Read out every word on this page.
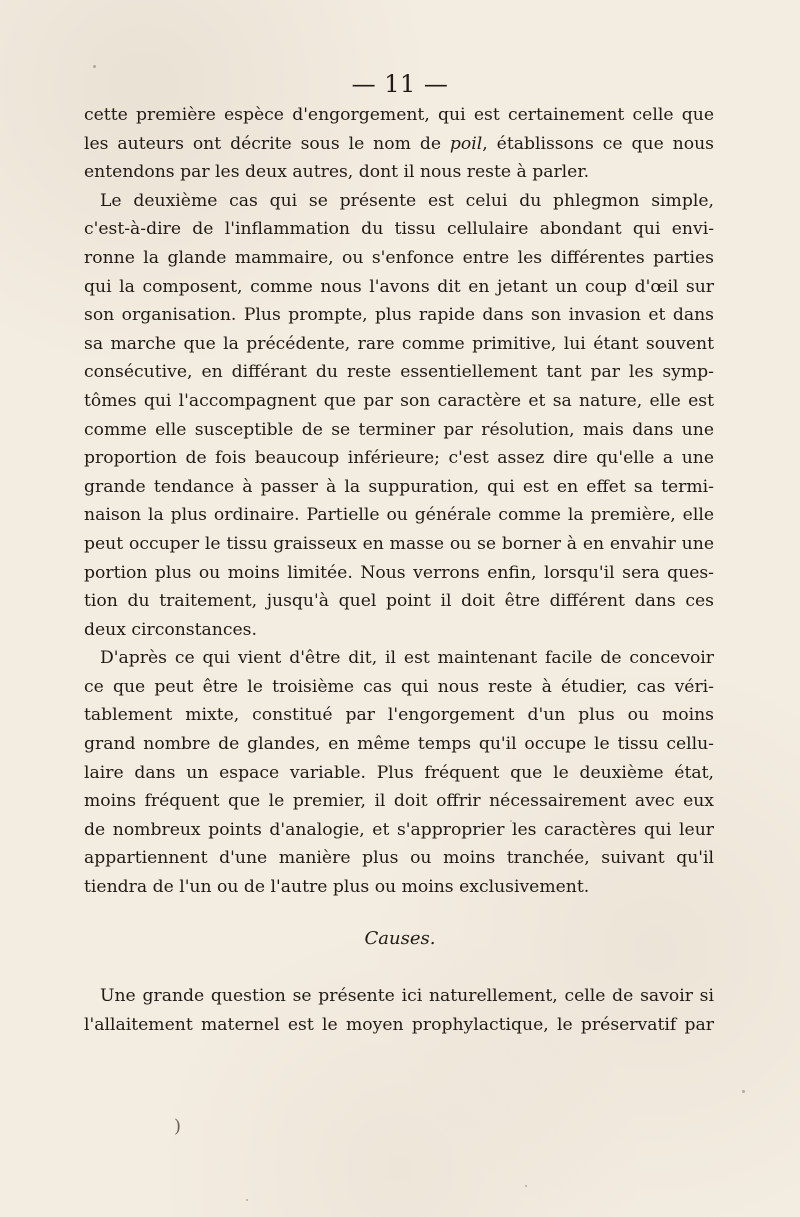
— 11 —
cette première espèce d'engorgement, qui est certainement celle que
les auteurs ont décrite sous le nom de poil, établissons ce que nous
entendons par les deux autres, dont il nous reste à parler.
Le deuxième cas qui se présente est celui du phlegmon simple,
c'est-à-dire de l'inflammation du tissu cellulaire abondant qui envi-
ronne la glande mammaire, ou s'enfonce entre les différentes parties
qui la composent, comme nous l'avons dit en jetant un coup d'œil sur
son organisation. Plus prompte, plus rapide dans son invasion et dans
sa marche que la précédente, rare comme primitive, lui étant souvent
consécutive, en différant du reste essentiellement tant par les symp-
tômes qui l'accompagnent que par son caractère et sa nature, elle est
comme elle susceptible de se terminer par résolution, mais dans une
proportion de fois beaucoup inférieure; c'est assez dire qu'elle a une
grande tendance à passer à la suppuration, qui est en effet sa termi-
naison la plus ordinaire. Partielle ou générale comme la première, elle
peut occuper le tissu graisseux en masse ou se borner à en envahir une
portion plus ou moins limitée. Nous verrons enfin, lorsqu'il sera ques-
tion du traitement, jusqu'à quel point il doit être différent dans ces
deux circonstances.
D'après ce qui vient d'être dit, il est maintenant facile de concevoir
ce que peut être le troisième cas qui nous reste à étudier, cas véri-
tablement mixte, constitué par l'engorgement d'un plus ou moins
grand nombre de glandes, en même temps qu'il occupe le tissu cellu-
laire dans un espace variable. Plus fréquent que le deuxième état,
moins fréquent que le premier, il doit offrir nécessairement avec eux
de nombreux points d'analogie, et s'approprier les caractères qui leur
appartiennent d'une manière plus ou moins tranchée, suivant qu'il
tiendra de l'un ou de l'autre plus ou moins exclusivement.
Causes.
Une grande question se présente ici naturellement, celle de savoir si
l'allaitement maternel est le moyen prophylactique, le préservatif par
)
